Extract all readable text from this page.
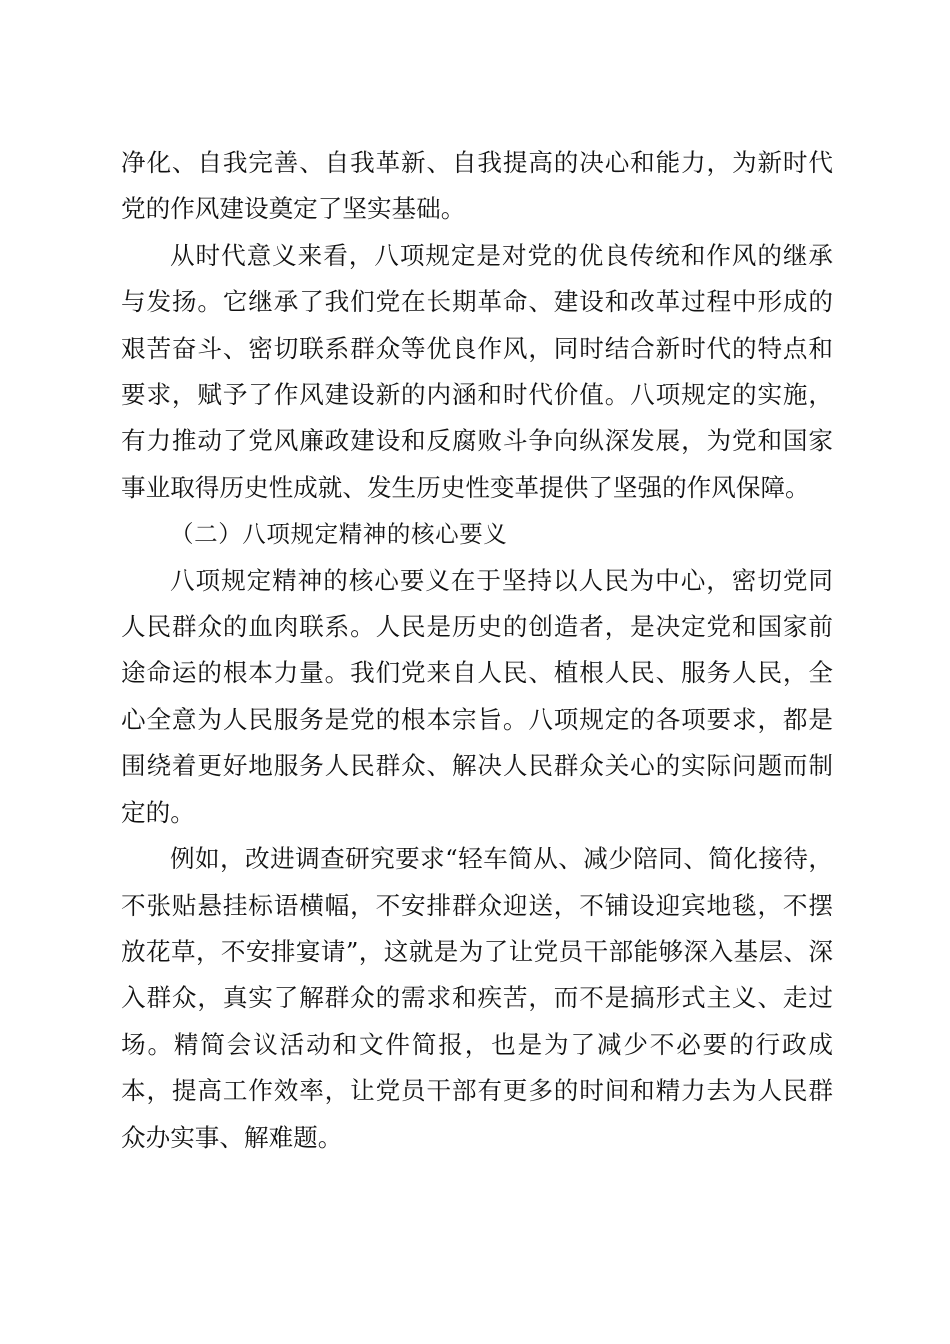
净化、自我完善、自我革新、自我提高的决心和能力，为新时代党的作风建设奠定了坚实基础。

从时代意义来看，八项规定是对党的优良传统和作风的继承与发扬。它继承了我们党在长期革命、建设和改革过程中形成的艰苦奋斗、密切联系群众等优良作风，同时结合新时代的特点和要求，赋予了作风建设新的内涵和时代价值。八项规定的实施，有力推动了党风廉政建设和反腐败斗争向纵深发展，为党和国家事业取得历史性成就、发生历史性变革提供了坚强的作风保障。

（二）八项规定精神的核心要义

八项规定精神的核心要义在于坚持以人民为中心，密切党同人民群众的血肉联系。人民是历史的创造者，是决定党和国家前途命运的根本力量。我们党来自人民、植根人民、服务人民，全心全意为人民服务是党的根本宗旨。八项规定的各项要求，都是围绕着更好地服务人民群众、解决人民群众关心的实际问题而制定的。

例如，改进调查研究要求“轻车简从、减少陪同、简化接待，不张贴悬挂标语横幅，不安排群众迎送，不铺设迎宾地毯，不摆放花草，不安排宴请”，这就是为了让党员干部能够深入基层、深入群众，真实了解群众的需求和疾苦，而不是搞形式主义、走过场。精简会议活动和文件简报，也是为了减少不必要的行政成本，提高工作效率，让党员干部有更多的时间和精力去为人民群众办实事、解难题。
